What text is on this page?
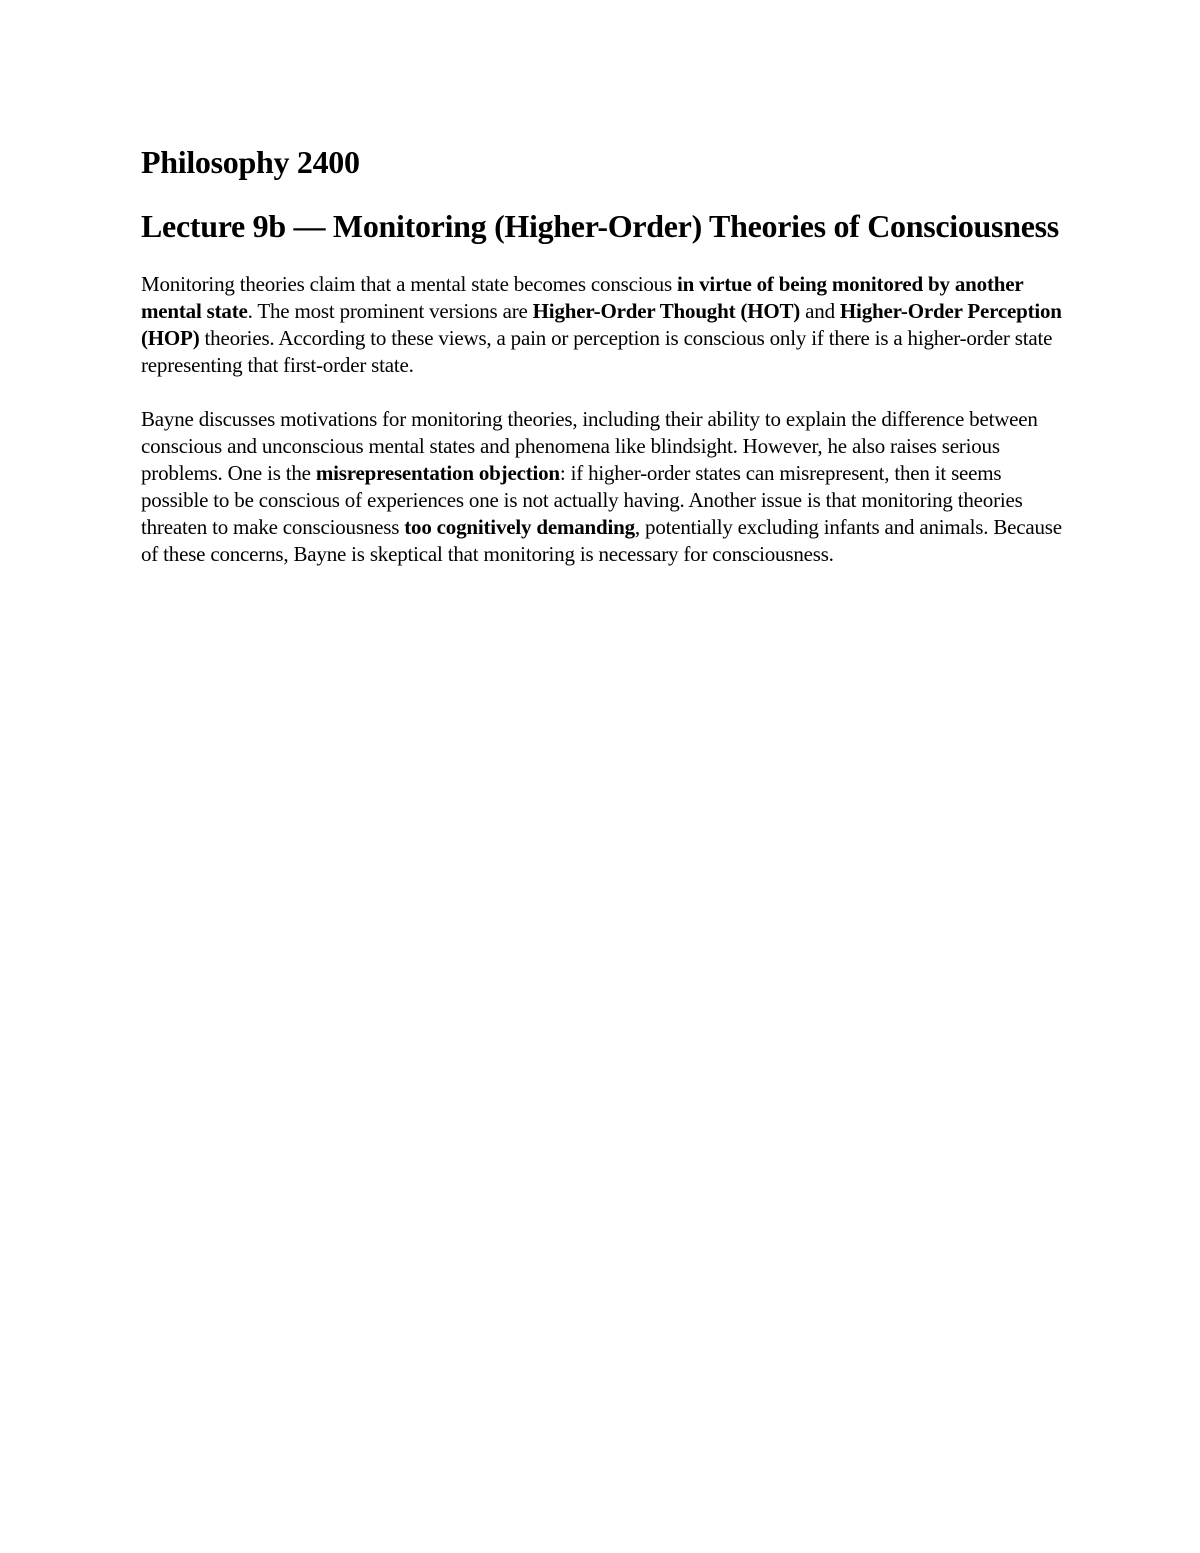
Philosophy 2400
Lecture 9b — Monitoring (Higher-Order) Theories of Consciousness

Monitoring theories claim that a mental state becomes conscious in virtue of being monitored by another mental state. The most prominent versions are Higher-Order Thought (HOT) and Higher-Order Perception (HOP) theories. According to these views, a pain or perception is conscious only if there is a higher-order state representing that first-order state.

Bayne discusses motivations for monitoring theories, including their ability to explain the difference between conscious and unconscious mental states and phenomena like blindsight. However, he also raises serious problems. One is the misrepresentation objection: if higher-order states can misrepresent, then it seems possible to be conscious of experiences one is not actually having. Another issue is that monitoring theories threaten to make consciousness too cognitively demanding, potentially excluding infants and animals. Because of these concerns, Bayne is skeptical that monitoring is necessary for consciousness.
